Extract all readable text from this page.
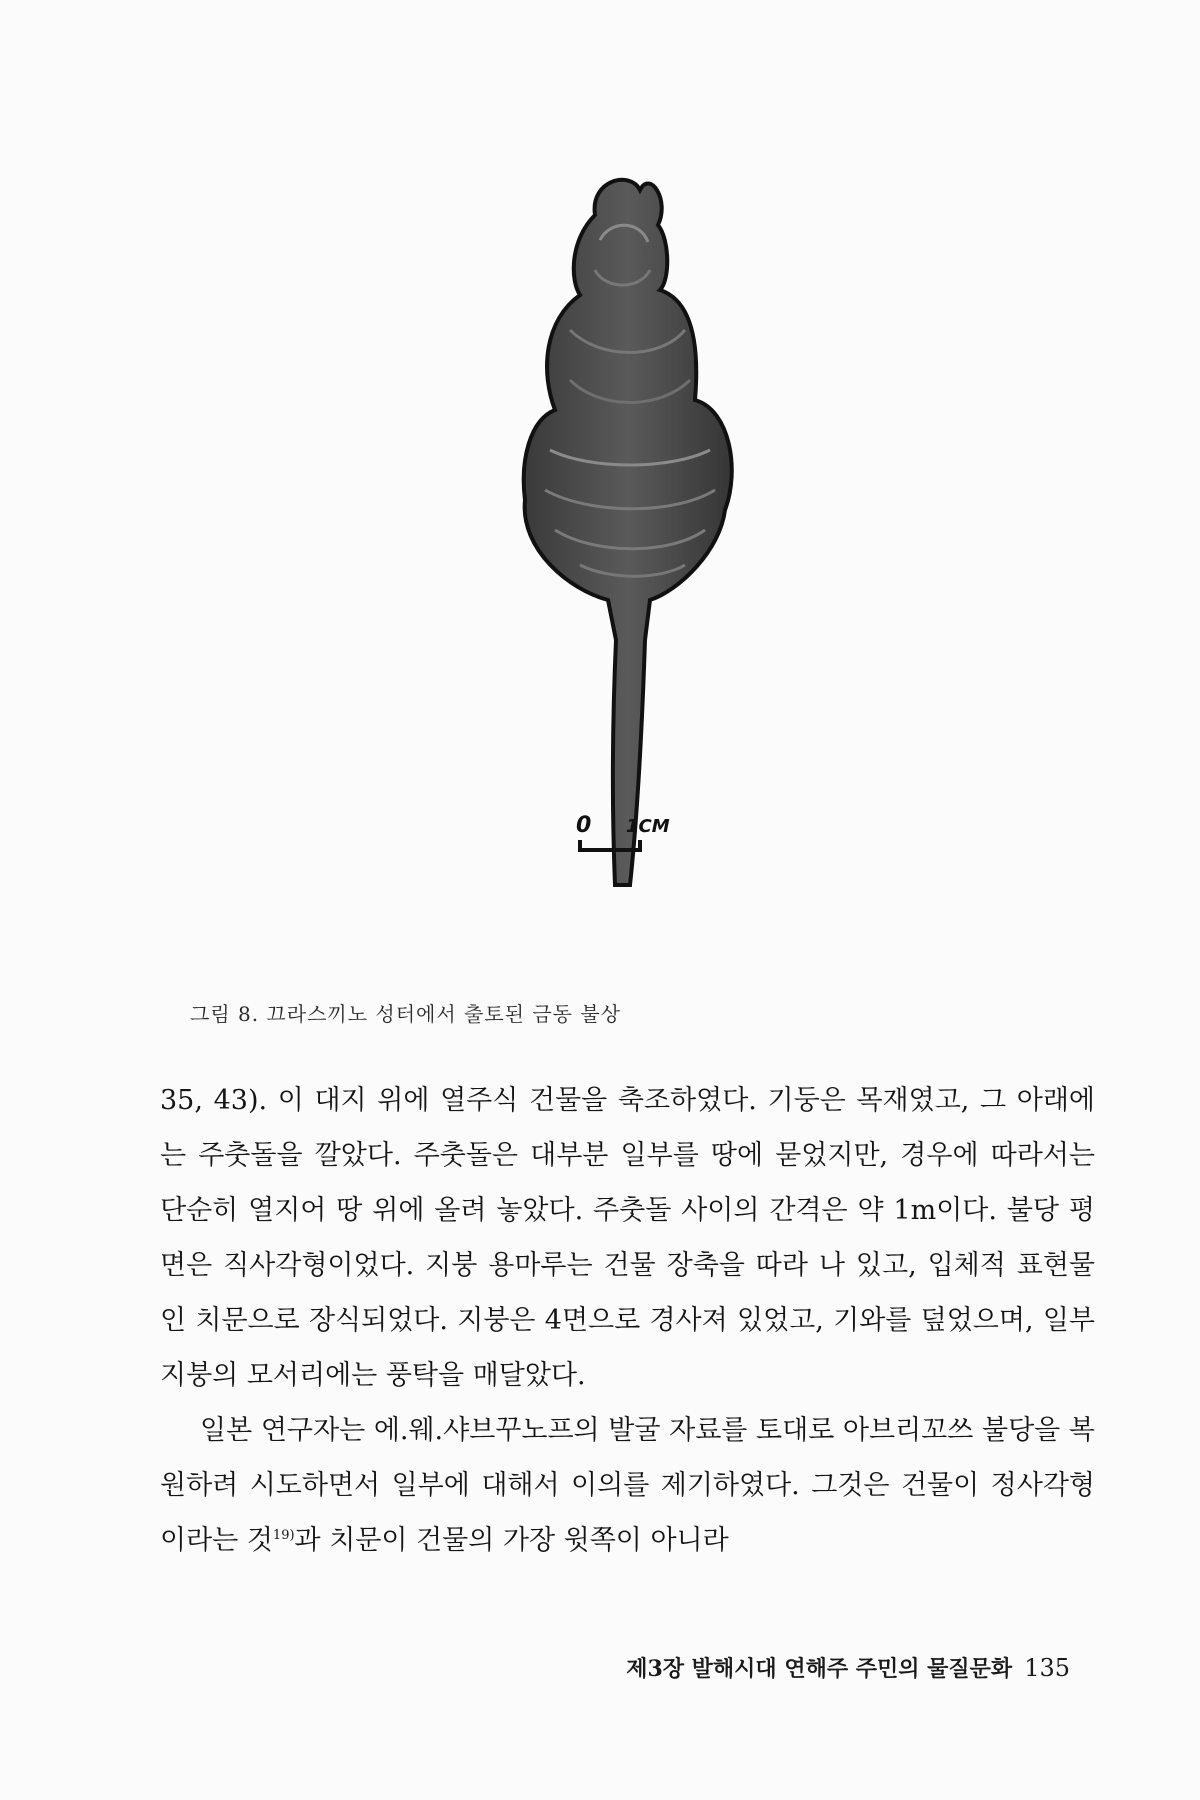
0 1CM
그림 8. 끄라스끼노 성터에서 출토된 금동 불상

35, 43). 이 대지 위에 열주식 건물을 축조하였다. 기둥은 목재였고, 그 아래에는 주춧돌을 깔았다. 주춧돌은 대부분 일부를 땅에 묻었지만, 경우에 따라서는 단순히 열지어 땅 위에 올려 놓았다. 주춧돌 사이의 간격은 약 1m이다. 불당 평면은 직사각형이었다. 지붕 용마루는 건물 장축을 따라 나 있고, 입체적 표현물인 치문으로 장식되었다. 지붕은 4면으로 경사져 있었고, 기와를 덮었으며, 일부 지붕의 모서리에는 풍탁을 매달았다.

일본 연구자는 에.웨.샤브꾸노프의 발굴 자료를 토대로 아브리꼬쓰 불당을 복원하려 시도하면서 일부에 대해서 이의를 제기하였다. 그것은 건물이 정사각형이라는 것$^{19)}$과 치문이 건물의 가장 윗쪽이 아니라

제3장 발해시대 연해주 주민의 물질문화 135
